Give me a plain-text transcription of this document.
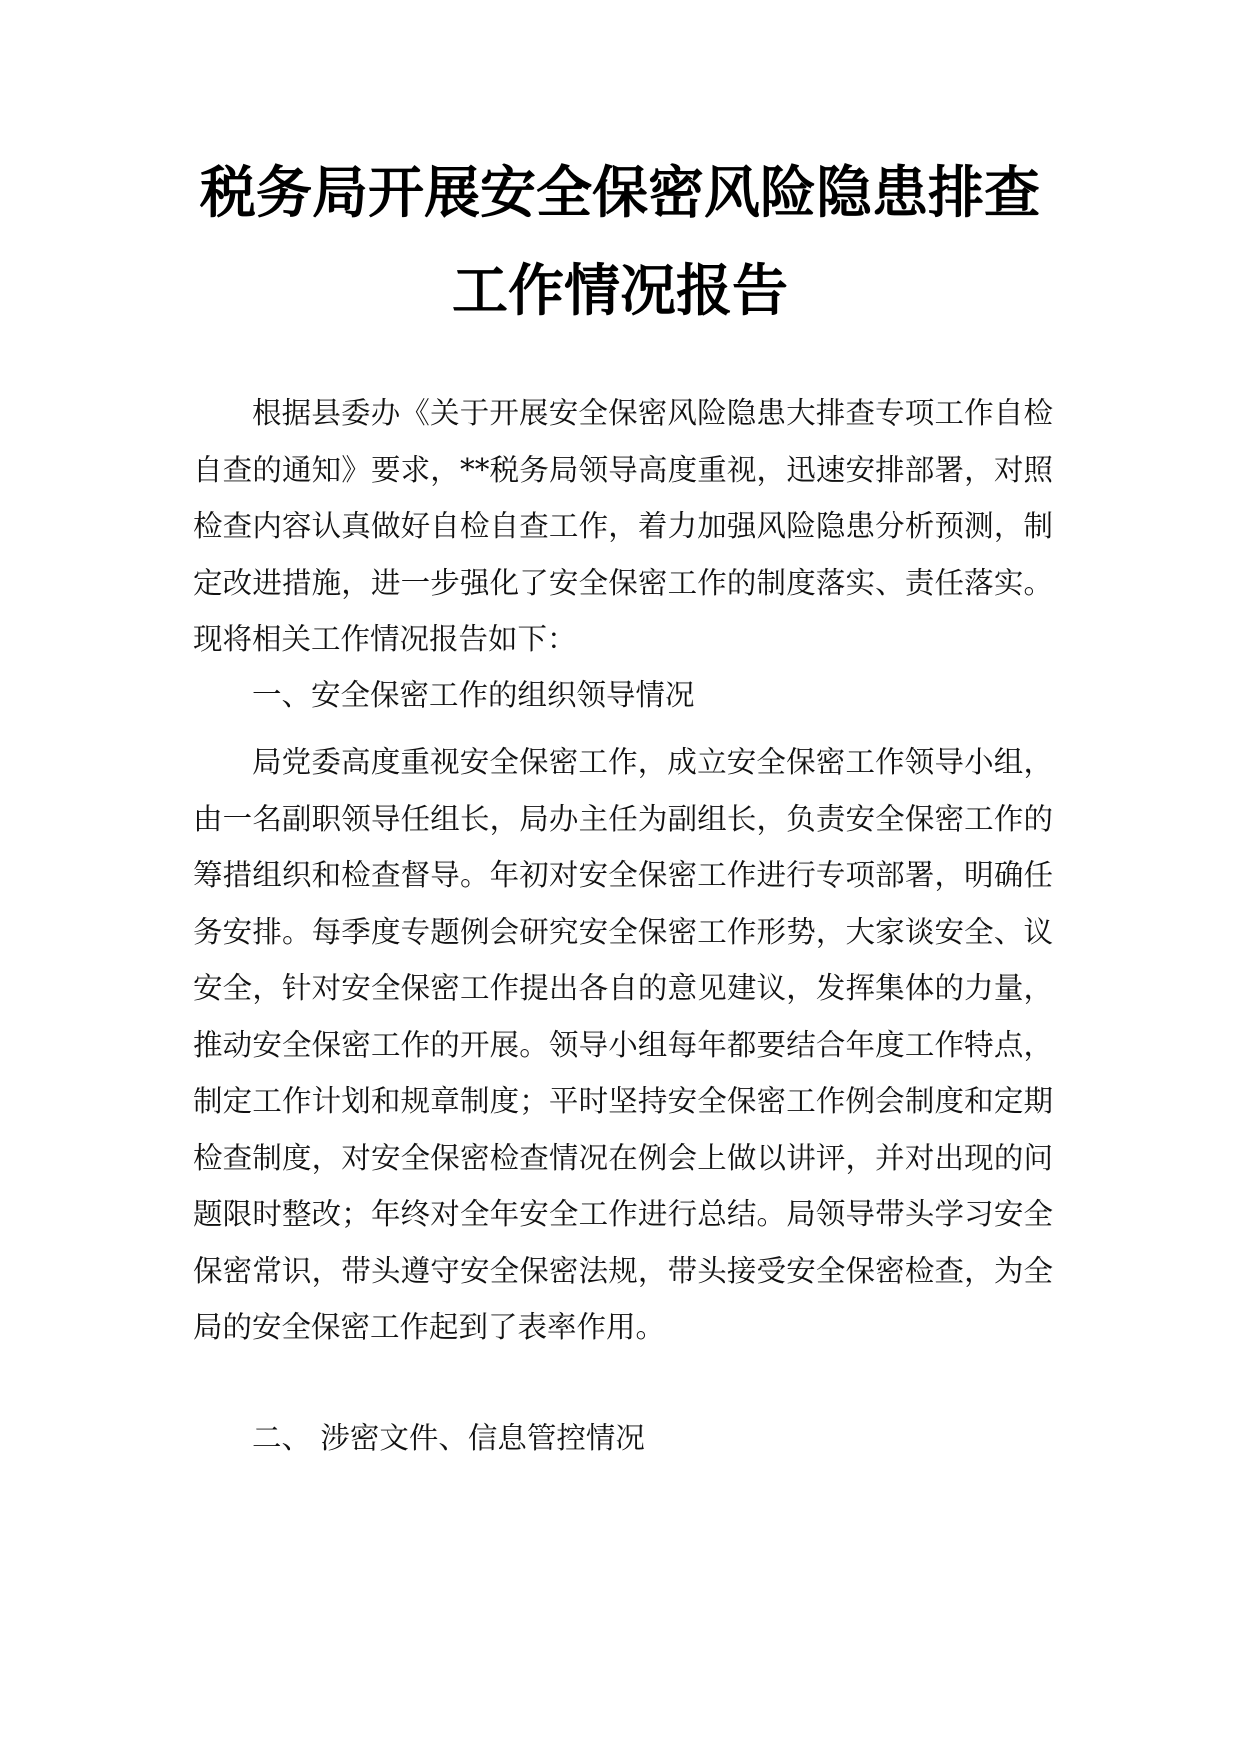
税务局开展安全保密风险隐患排查
工作情况报告

根据县委办《关于开展安全保密风险隐患大排查专项工作自检自查的通知》要求，**税务局领导高度重视，迅速安排部署，对照检查内容认真做好自检自查工作，着力加强风险隐患分析预测，制定改进措施，进一步强化了安全保密工作的制度落实、责任落实。现将相关工作情况报告如下：

一、安全保密工作的组织领导情况

局党委高度重视安全保密工作，成立安全保密工作领导小组，由一名副职领导任组长，局办主任为副组长，负责安全保密工作的筹措组织和检查督导。年初对安全保密工作进行专项部署，明确任务安排。每季度专题例会研究安全保密工作形势，大家谈安全、议安全，针对安全保密工作提出各自的意见建议，发挥集体的力量，推动安全保密工作的开展。领导小组每年都要结合年度工作特点，制定工作计划和规章制度；平时坚持安全保密工作例会制度和定期检查制度，对安全保密检查情况在例会上做以讲评，并对出现的问题限时整改；年终对全年安全工作进行总结。局领导带头学习安全保密常识，带头遵守安全保密法规，带头接受安全保密检查，为全局的安全保密工作起到了表率作用。

二、 涉密文件、信息管控情况
